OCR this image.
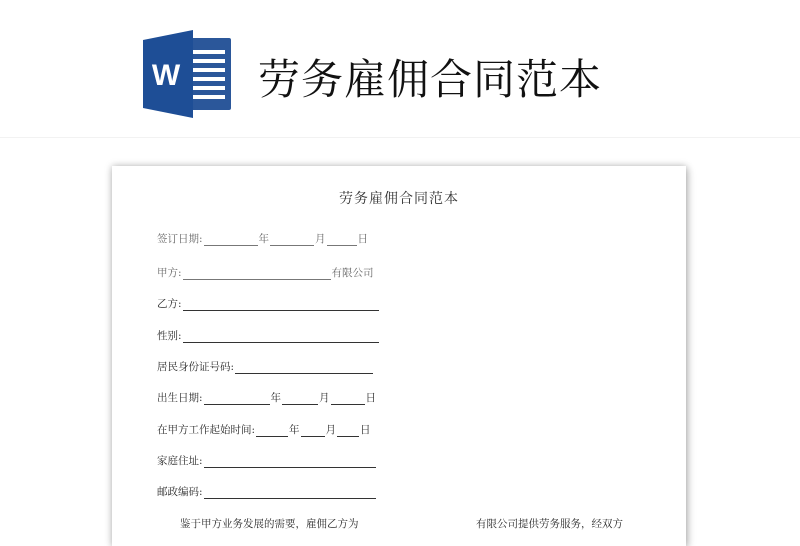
W 劳务雇佣合同范本
劳务雇佣合同范本
签订日期:	年	月	日
甲方:	有限公司
乙方:
性别:
居民身份证号码:
出生日期:	年	月	日
在甲方工作起始时间:	年 月 日
家庭住址:
邮政编码:
鉴于甲方业务发展的需要，雇佣乙方为	有限公司提供劳务服务，经双方
